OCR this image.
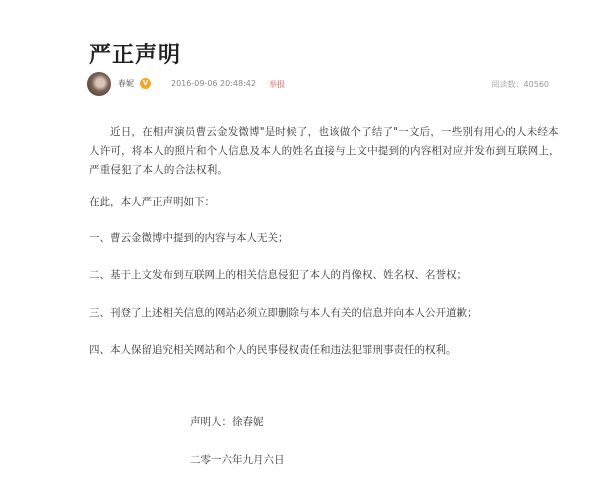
严正声明
春妮	V	2016-09-06 20:48:42 举报	阅读数：40560
近日，在相声演员曹云金发微博"是时候了，也该做个了结了"一文后，一些别有用心的人未经本人许可，将本人的照片和个人信息及本人的姓名直接与上文中提到的内容相对应并发布到互联网上，严重侵犯了本人的合法权利。
在此，本人严正声明如下：
一、曹云金微博中提到的内容与本人无关；
二、基于上文发布到互联网上的相关信息侵犯了本人的肖像权、姓名权、名誉权；
三、刊登了上述相关信息的网站必须立即删除与本人有关的信息并向本人公开道歉；
四、本人保留追究相关网站和个人的民事侵权责任和违法犯罪刑事责任的权利。
声明人：徐春妮
二零一六年九月六日
